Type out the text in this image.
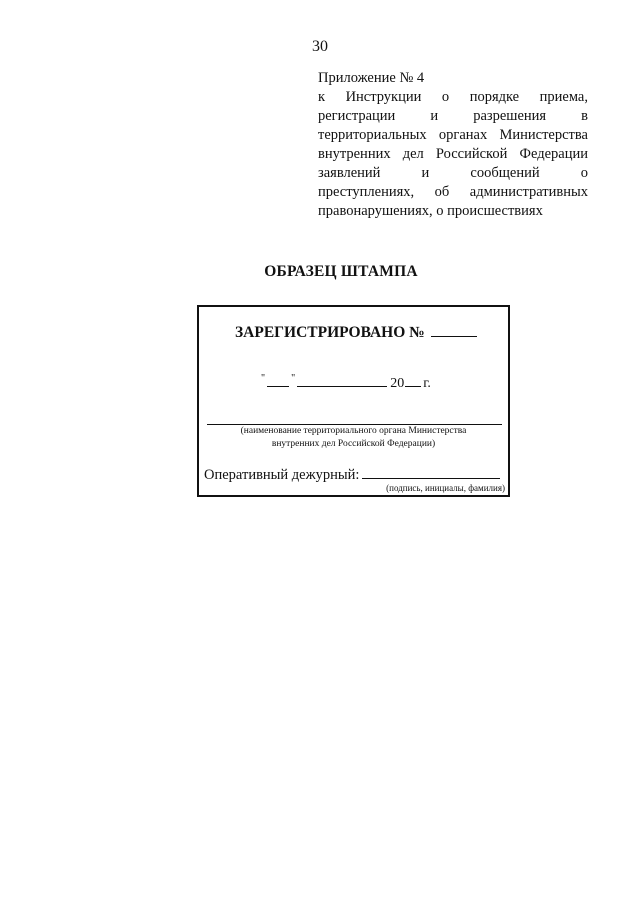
30
Приложение № 4
к Инструкции о порядке приема,
регистрации и разрешения в
территориальных органах Министерства
внутренних дел Российской Федерации
заявлений и сообщений о
преступлениях, об административных
правонарушениях, о происшествиях
ОБРАЗЕЦ ШТАМПА
ЗАРЕГИСТРИРОВАНО №
"	"	20 г.
(наименование территориального органа Министерства
внутренних дел Российской Федерации)
Оперативный дежурный:
(подпись, инициалы, фамилия)
